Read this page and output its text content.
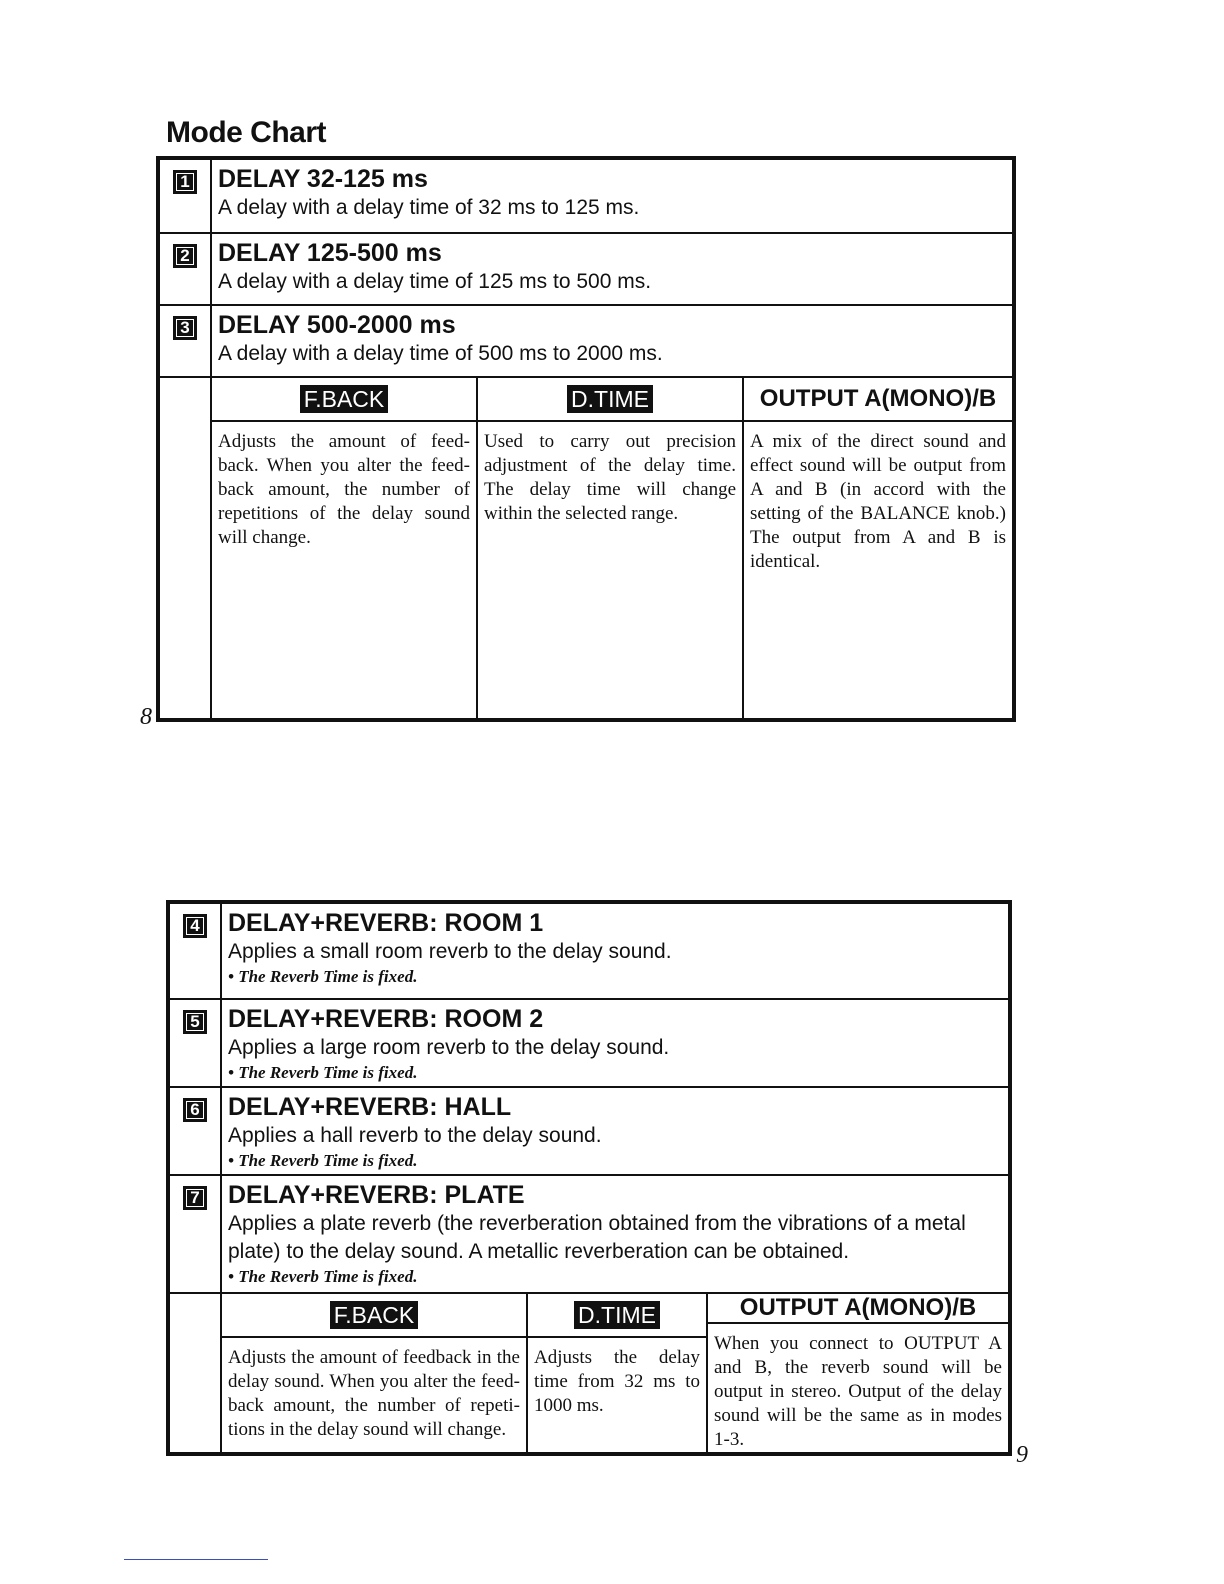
Mode Chart
1 DELAY 32-125 ms
A delay with a delay time of 32 ms to 125 ms.
2 DELAY 125-500 ms
A delay with a delay time of 125 ms to 500 ms.
3 DELAY 500-2000 ms
A delay with a delay time of 500 ms to 2000 ms.
F.BACK
Adjusts the amount of feed-back. When you alter the feed-back amount, the number of repetitions of the delay sound will change.
D.TIME
Used to carry out precision adjustment of the delay time. The delay time will change within the selected range.
OUTPUT A(MONO)/B
A mix of the direct sound and effect sound will be output from A and B (in accord with the setting of the BALANCE knob.) The output from A and B is identical.
8
4 DELAY+REVERB: ROOM 1
Applies a small room reverb to the delay sound.
• The Reverb Time is fixed.
5 DELAY+REVERB: ROOM 2
Applies a large room reverb to the delay sound.
• The Reverb Time is fixed.
6 DELAY+REVERB: HALL
Applies a hall reverb to the delay sound.
• The Reverb Time is fixed.
7 DELAY+REVERB: PLATE
Applies a plate reverb (the reverberation obtained from the vibrations of a metal plate) to the delay sound. A metallic reverberation can be obtained.
• The Reverb Time is fixed.
F.BACK
Adjusts the amount of feedback in the delay sound. When you alter the feed-back amount, the number of repeti-tions in the delay sound will change.
D.TIME
Adjusts the delay time from 32 ms to 1000 ms.
OUTPUT A(MONO)/B
When you connect to OUTPUT A and B, the reverb sound will be output in stereo. Output of the delay sound will be the same as in modes 1-3.
9
